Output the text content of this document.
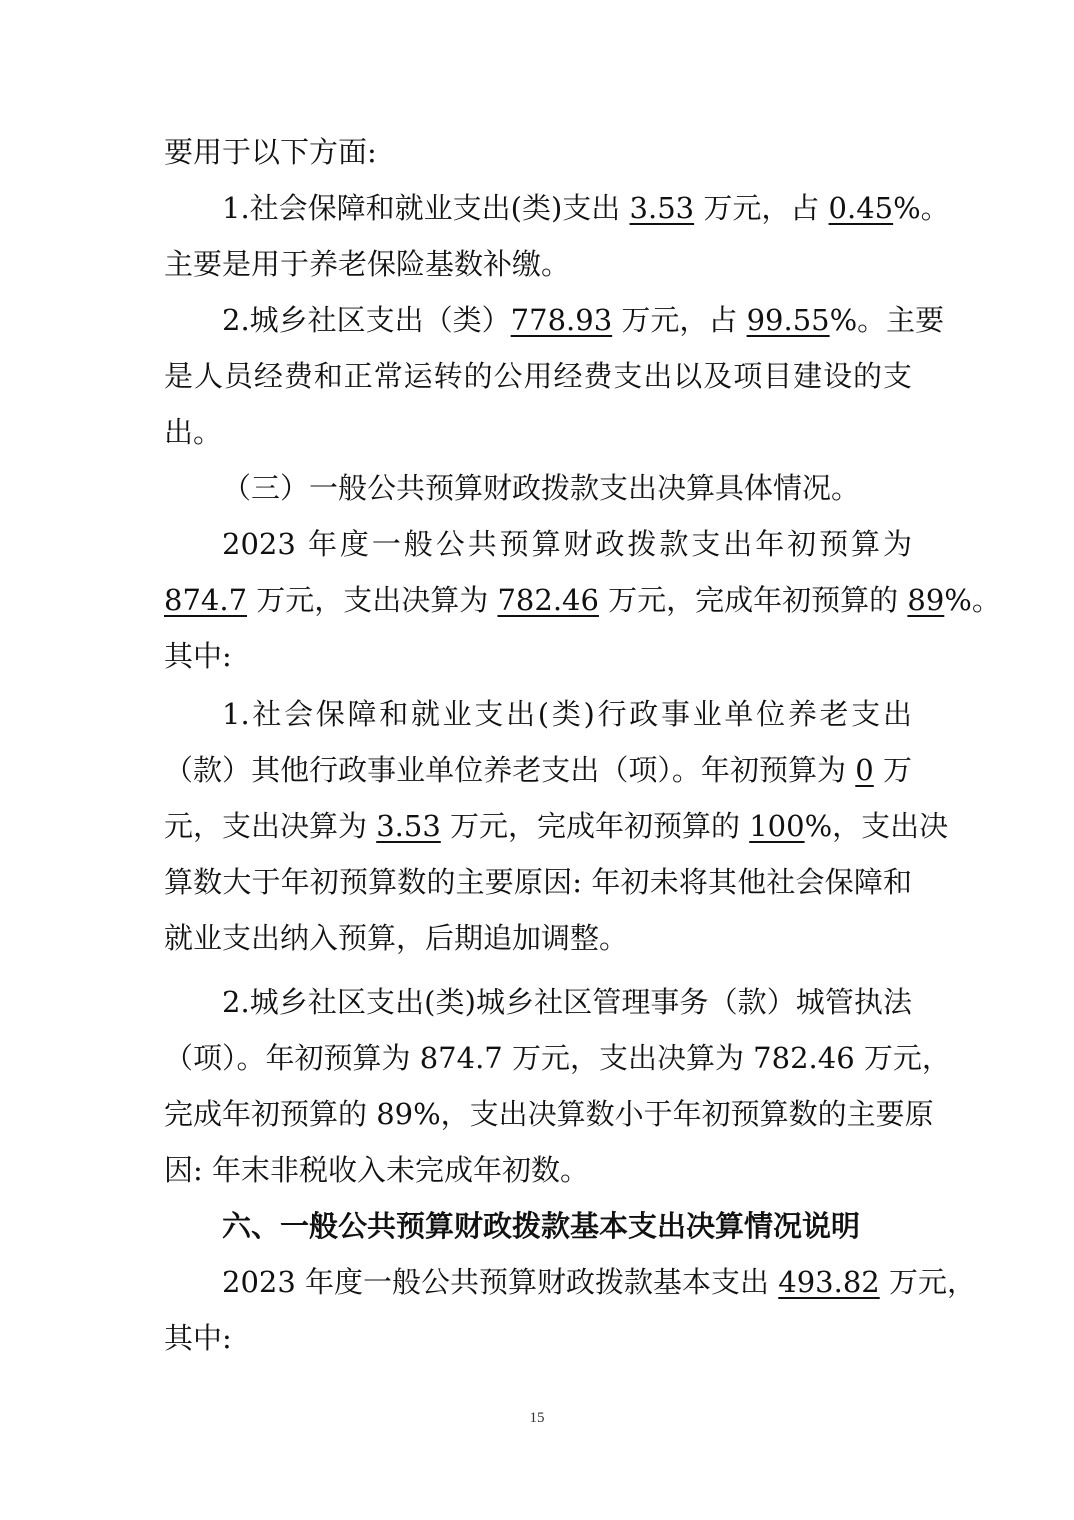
要用于以下方面:
1.社会保障和就业支出(类)支出 3.53 万元，占 0.45%。
主要是用于养老保险基数补缴。
2.城乡社区支出（类）778.93 万元，占 99.55%。主要
是人员经费和正常运转的公用经费支出以及项目建设的支
出。
（三）一般公共预算财政拨款支出决算具体情况。
2023 年度一般公共预算财政拨款支出年初预算为
874.7 万元，支出决算为 782.46 万元，完成年初预算的 89%。
其中:
1.社会保障和就业支出(类)行政事业单位养老支出
（款）其他行政事业单位养老支出（项）。年初预算为 0 万
元，支出决算为 3.53 万元，完成年初预算的 100%，支出决
算数大于年初预算数的主要原因: 年初未将其他社会保障和
就业支出纳入预算，后期追加调整。
2.城乡社区支出(类)城乡社区管理事务（款）城管执法
（项）。年初预算为 874.7 万元，支出决算为 782.46 万元，
完成年初预算的 89%，支出决算数小于年初预算数的主要原
因: 年末非税收入未完成年初数。
六、一般公共预算财政拨款基本支出决算情况说明
2023 年度一般公共预算财政拨款基本支出 493.82 万元，
其中:
15
